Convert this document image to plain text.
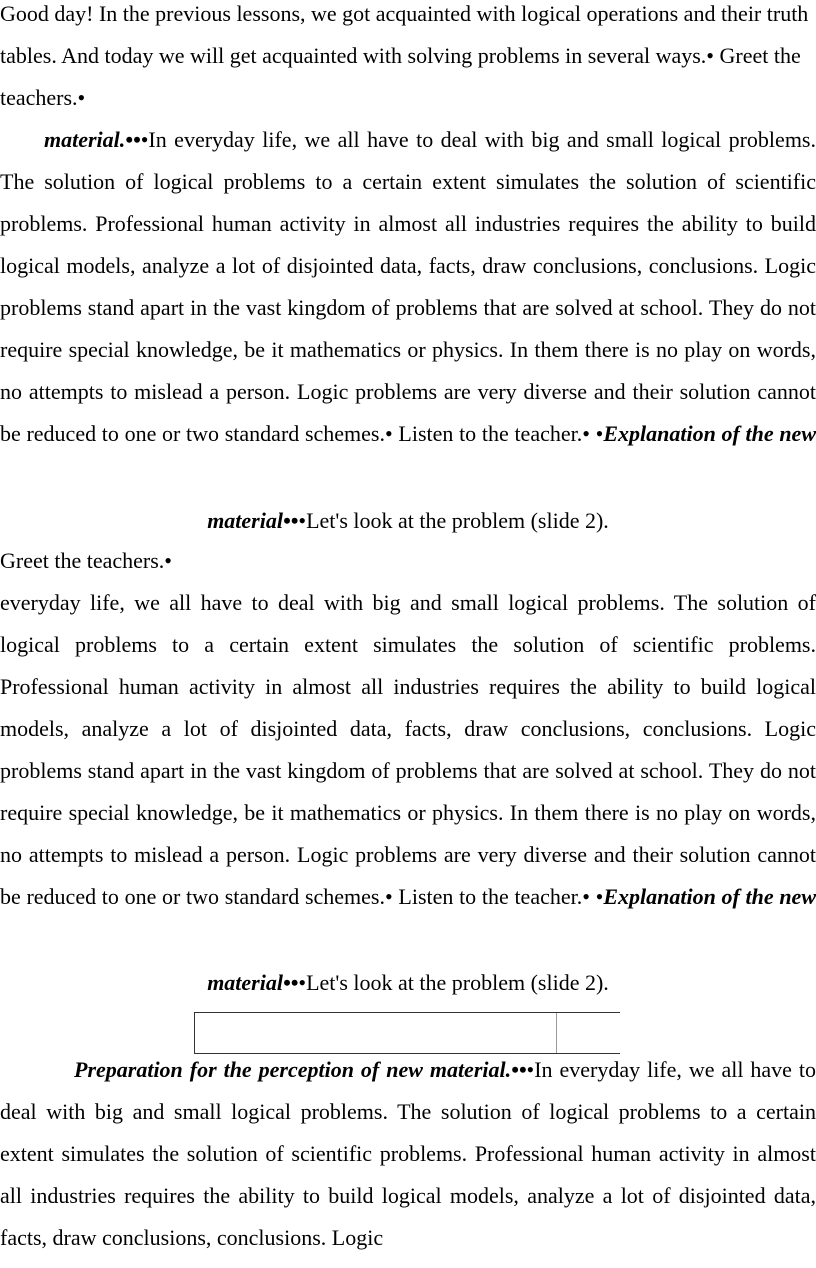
Good day! In the previous lessons, we got acquainted with logical operations and their truth tables. And today we will get acquainted with solving problems in several ways.• Greet the teachers.•

material.•••In everyday life, we all have to deal with big and small logical problems. The solution of logical problems to a certain extent simulates the solution of scientific problems. Professional human activity in almost all industries requires the ability to build logical models, analyze a lot of disjointed data, facts, draw conclusions, conclusions. Logic problems stand apart in the vast kingdom of problems that are solved at school. They do not require special knowledge, be it mathematics or physics. In them there is no play on words, no attempts to mislead a person. Logic problems are very diverse and their solution cannot be reduced to one or two standard schemes.• Listen to the teacher.• •Explanation of the new

material•••Let's look at the problem (slide 2).

Greet the teachers.•

everyday life, we all have to deal with big and small logical problems. The solution of logical problems to a certain extent simulates the solution of scientific problems. Professional human activity in almost all industries requires the ability to build logical models, analyze a lot of disjointed data, facts, draw conclusions, conclusions. Logic problems stand apart in the vast kingdom of problems that are solved at school. They do not require special knowledge, be it mathematics or physics. In them there is no play on words, no attempts to mislead a person. Logic problems are very diverse and their solution cannot be reduced to one or two standard schemes.• Listen to the teacher.• •Explanation of the new

material•••Let's look at the problem (slide 2).

Preparation for the perception of new material.•••In everyday life, we all have to deal with big and small logical problems. The solution of logical problems to a certain extent simulates the solution of scientific problems. Professional human activity in almost all industries requires the ability to build logical models, analyze a lot of disjointed data, facts, draw conclusions, conclusions. Logic
